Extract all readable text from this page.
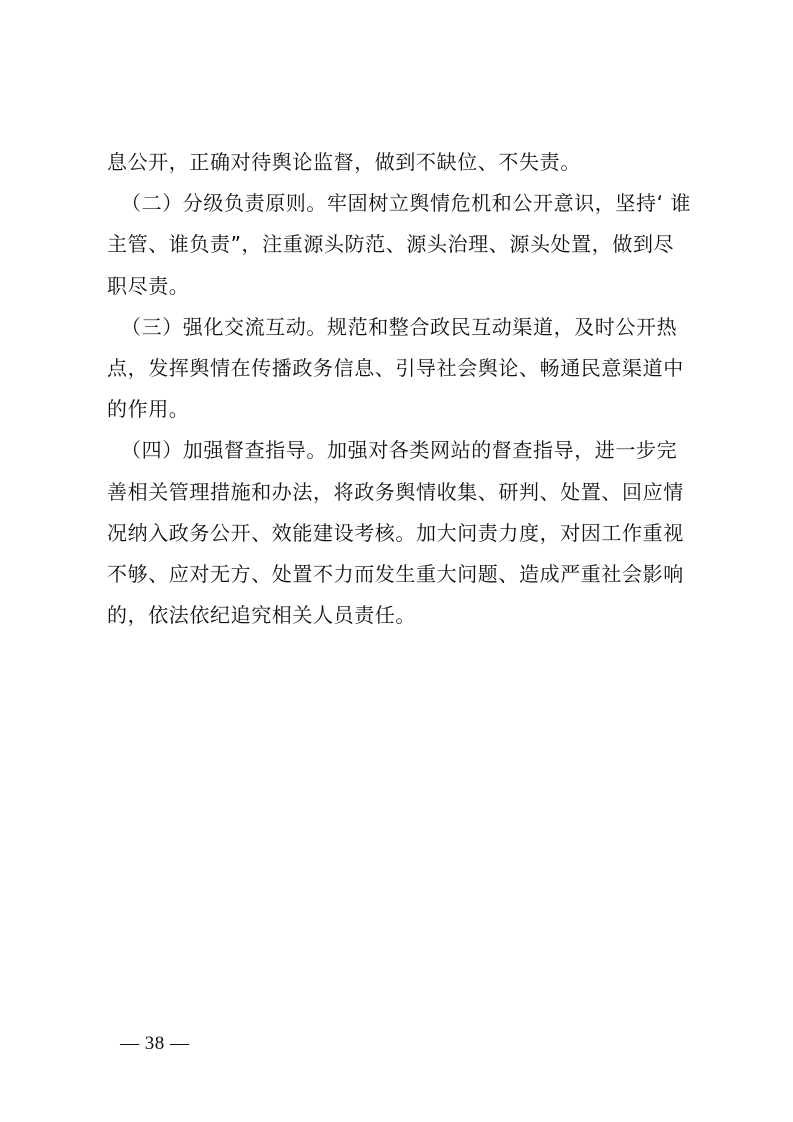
息公开，正确对待舆论监督，做到不缺位、不失责。
（二）分级负责原则。牢固树立舆情危机和公开意识，坚持‘ 谁
主管、谁负责”，注重源头防范、源头治理、源头处置，做到尽
职尽责。
（三）强化交流互动。规范和整合政民互动渠道，及时公开热
点，发挥舆情在传播政务信息、引导社会舆论、畅通民意渠道中
的作用。
（四）加强督查指导。加强对各类网站的督查指导，进一步完
善相关管理措施和办法，将政务舆情收集、研判、处置、回应情
况纳入政务公开、效能建设考核。加大问责力度，对因工作重视
不够、应对无方、处置不力而发生重大问题、造成严重社会影响
的，依法依纪追究相关人员责任。
— 38 —
